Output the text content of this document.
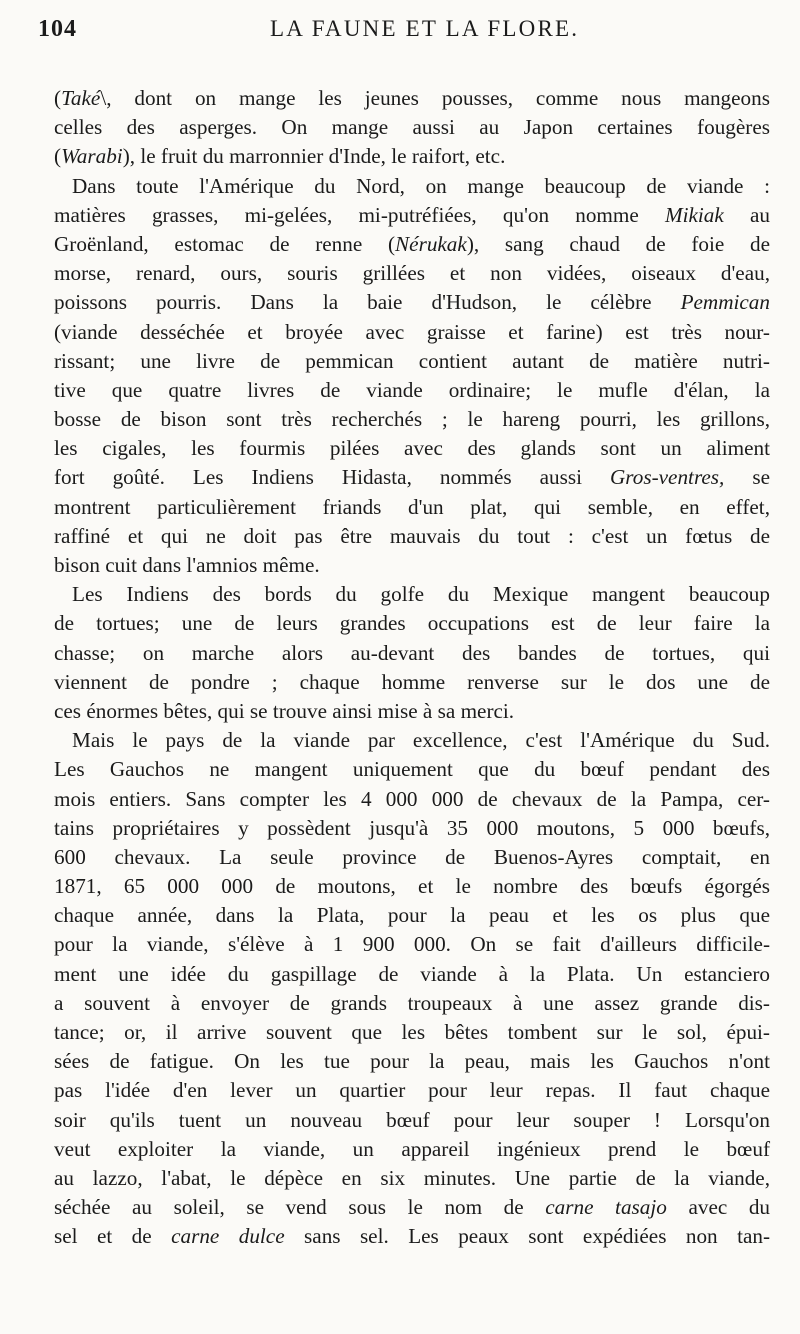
104	LA FAUNE ET LA FLORE.
(Také\, dont on mange les jeunes pousses, comme nous mangeons
celles des asperges. On mange aussi au Japon certaines fougères
(Warabi), le fruit du marronnier d'Inde, le raifort, etc.
Dans toute l'Amérique du Nord, on mange beaucoup de viande :
matières grasses, mi-gelées, mi-putréfiées, qu'on nomme Mikiak au
Groënland, estomac de renne (Nérukak), sang chaud de foie de
morse, renard, ours, souris grillées et non vidées, oiseaux d'eau,
poissons pourris. Dans la baie d'Hudson, le célèbre Pemmican
(viande desséchée et broyée avec graisse et farine) est très nour-
rissant; une livre de pemmican contient autant de matière nutri-
tive que quatre livres de viande ordinaire; le mufle d'élan, la
bosse de bison sont très recherchés ; le hareng pourri, les grillons,
les cigales, les fourmis pilées avec des glands sont un aliment
fort goûté. Les Indiens Hidasta, nommés aussi Gros-ventres, se
montrent particulièrement friands d'un plat, qui semble, en effet,
raffiné et qui ne doit pas être mauvais du tout : c'est un fœtus de
bison cuit dans l'amnios même.
Les Indiens des bords du golfe du Mexique mangent beaucoup
de tortues; une de leurs grandes occupations est de leur faire la
chasse; on marche alors au-devant des bandes de tortues, qui
viennent de pondre ; chaque homme renverse sur le dos une de
ces énormes bêtes, qui se trouve ainsi mise à sa merci.
Mais le pays de la viande par excellence, c'est l'Amérique du Sud.
Les Gauchos ne mangent uniquement que du bœuf pendant des
mois entiers. Sans compter les 4 000 000 de chevaux de la Pampa, cer-
tains propriétaires y possèdent jusqu'à 35 000 moutons, 5 000 bœufs,
600 chevaux. La seule province de Buenos-Ayres comptait, en
1871, 65 000 000 de moutons, et le nombre des bœufs égorgés
chaque année, dans la Plata, pour la peau et les os plus que
pour la viande, s'élève à 1 900 000. On se fait d'ailleurs difficile-
ment une idée du gaspillage de viande à la Plata. Un estanciero
a souvent à envoyer de grands troupeaux à une assez grande dis-
tance; or, il arrive souvent que les bêtes tombent sur le sol, épui-
sées de fatigue. On les tue pour la peau, mais les Gauchos n'ont
pas l'idée d'en lever un quartier pour leur repas. Il faut chaque
soir qu'ils tuent un nouveau bœuf pour leur souper ! Lorsqu'on
veut exploiter la viande, un appareil ingénieux prend le bœuf
au lazzo, l'abat, le dépèce en six minutes. Une partie de la viande,
séchée au soleil, se vend sous le nom de carne tasajo avec du
sel et de carne dulce sans sel. Les peaux sont expédiées non tan-
